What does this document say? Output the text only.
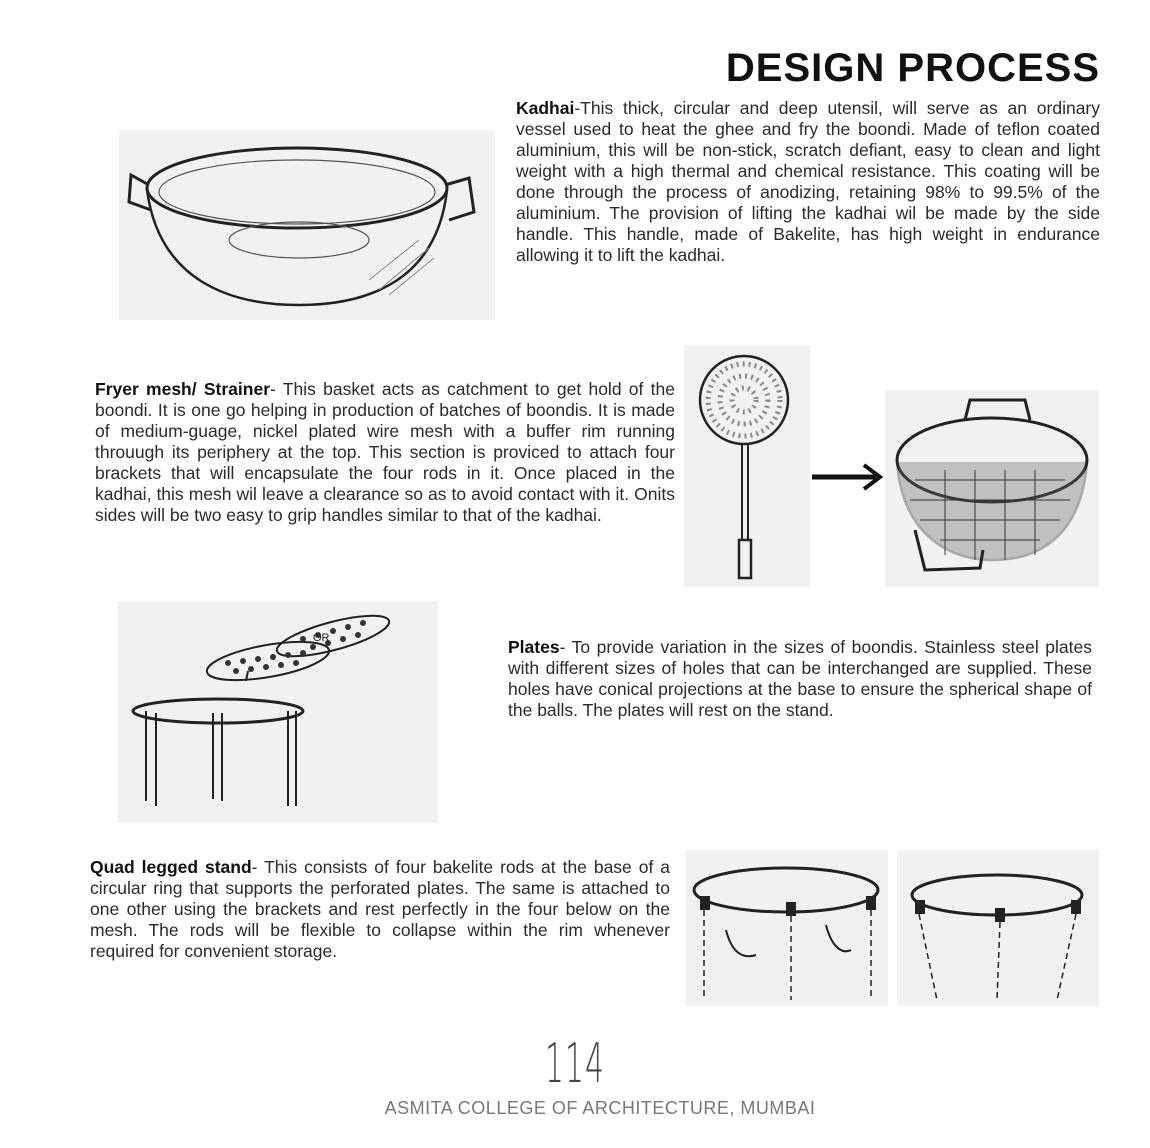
DESIGN PROCESS
Kadhai-This thick, circular and deep utensil, will serve as an ordinary vessel used to heat the ghee and fry the boondi. Made of teflon coated aluminium, this will be non-stick, scratch defiant, easy to clean and light weight with a high thermal and chemical resistance. This coating will be done through the process of anodizing, retaining 98% to 99.5% of the aluminium. The provision of lifting the kadhai wil be made by the side handle. This handle, made of Bakelite, has high weight in endurance allowing it to lift the kadhai.
Fryer mesh/ Strainer- This basket acts as catchment to get hold of the boondi. It is one go helping in production of batches of boondis. It is made of medium-guage, nickel plated wire mesh with a buffer rim running throuugh its periphery at the top. This section is proviced to attach four brackets that will encapsulate the four rods in it. Once placed in the kadhai, this mesh wil leave a clearance so as to avoid contact with it. Onits sides will be two easy to grip handles similar to that of the kadhai.
OR	Plates- To provide variation in the sizes of boondis. Stainless steel plates with different sizes of holes that can be interchanged are supplied. These holes have conical projections at the base to ensure the spherical shape of the balls. The plates will rest on the stand.
Quad legged stand- This consists of four bakelite rods at the base of a circular ring that supports the perforated plates. The same is attached to one other using the brackets and rest perfectly in the four below on the mesh. The rods will be flexible to collapse within the rim whenever required for convenient storage.
114
ASMITA COLLEGE OF ARCHITECTURE, MUMBAI
